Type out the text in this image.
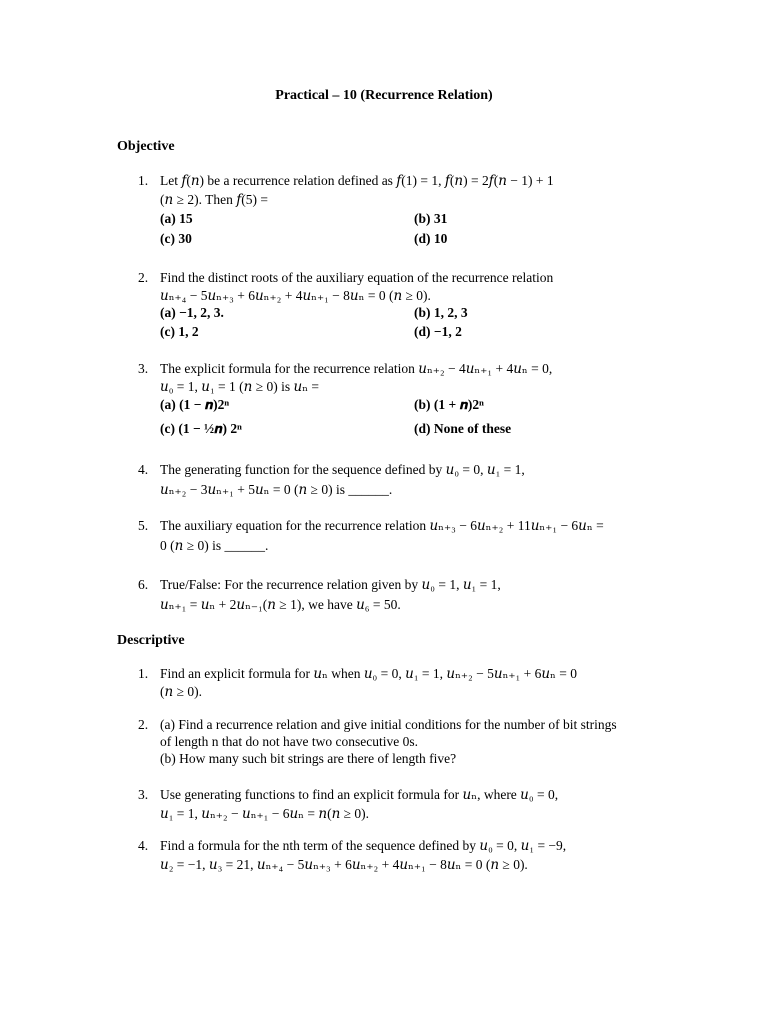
Practical – 10 (Recurrence Relation)
Objective
1. Let 𝑓(𝑛) be a recurrence relation defined as 𝑓(1) = 1, 𝑓(𝑛) = 2𝑓(𝑛 − 1) + 1
(𝑛 ≥ 2). Then 𝑓(5) =
(a) 15	(b) 31
(c) 30	(d) 10
2. Find the distinct roots of the auxiliary equation of the recurrence relation
𝑢ₙ₊₄ − 5𝑢ₙ₊₃ + 6𝑢ₙ₊₂ + 4𝑢ₙ₊₁ − 8𝑢ₙ = 0 (𝑛 ≥ 0).
(a) −1, 2, 3.	(b) 1, 2, 3
(c) 1, 2	(d) −1, 2
3. The explicit formula for the recurrence relation 𝑢ₙ₊₂ − 4𝑢ₙ₊₁ + 4𝑢ₙ = 0,
𝑢₀ = 1, 𝑢₁ = 1 (𝑛 ≥ 0) is 𝑢ₙ =
(a) (1 − 𝒏)2ⁿ	(b) (1 + 𝒏)2ⁿ
(c) (1 − ½𝒏) 2ⁿ	(d) None of these
4. The generating function for the sequence defined by 𝑢₀ = 0, 𝑢₁ = 1,
𝑢ₙ₊₂ − 3𝑢ₙ₊₁ + 5𝑢ₙ = 0 (𝑛 ≥ 0) is ______.
5. The auxiliary equation for the recurrence relation 𝑢ₙ₊₃ − 6𝑢ₙ₊₂ + 11𝑢ₙ₊₁ − 6𝑢ₙ =
0 (𝑛 ≥ 0) is ______.
6. True/False: For the recurrence relation given by 𝑢₀ = 1, 𝑢₁ = 1,
𝑢ₙ₊₁ = 𝑢ₙ + 2𝑢ₙ₋₁(𝑛 ≥ 1), we have 𝑢₆ = 50.
Descriptive
1. Find an explicit formula for 𝑢ₙ when 𝑢₀ = 0, 𝑢₁ = 1, 𝑢ₙ₊₂ − 5𝑢ₙ₊₁ + 6𝑢ₙ = 0
(𝑛 ≥ 0).
2. (a) Find a recurrence relation and give initial conditions for the number of bit strings
of length n that do not have two consecutive 0s.
(b) How many such bit strings are there of length five?
3. Use generating functions to find an explicit formula for 𝑢ₙ, where 𝑢₀ = 0,
𝑢₁ = 1, 𝑢ₙ₊₂ − 𝑢ₙ₊₁ − 6𝑢ₙ = 𝑛(𝑛 ≥ 0).
4. Find a formula for the nth term of the sequence defined by 𝑢₀ = 0, 𝑢₁ = −9,
𝑢₂ = −1, 𝑢₃ = 21, 𝑢ₙ₊₄ − 5𝑢ₙ₊₃ + 6𝑢ₙ₊₂ + 4𝑢ₙ₊₁ − 8𝑢ₙ = 0 (𝑛 ≥ 0).
